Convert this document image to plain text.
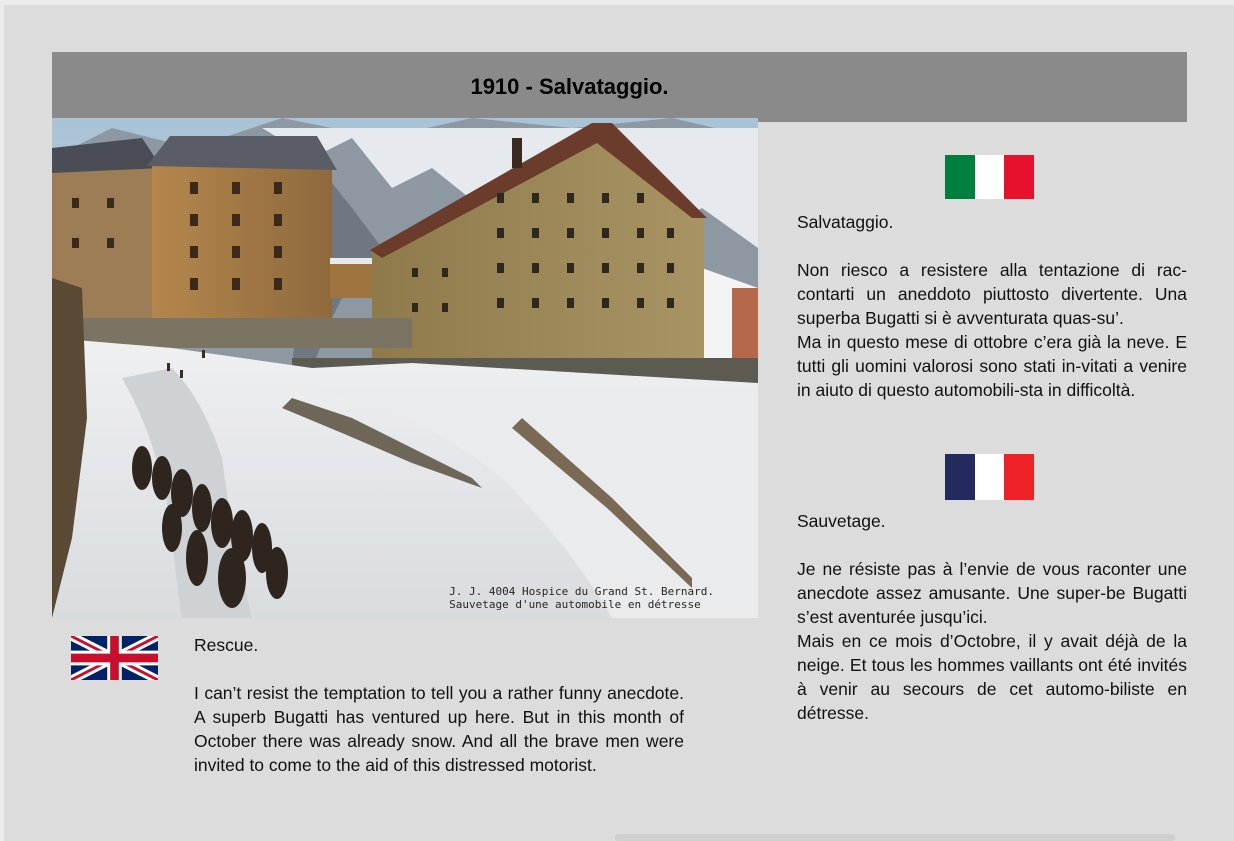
1910 - Salvataggio.
J. J. 4004 Hospice du Grand St. Bernard.
Sauvetage d'une automobile en détresse

Salvataggio.

Non riesco a resistere alla tentazione di rac-contarti un aneddoto piuttosto divertente. Una superba Bugatti si è avventurata quas-su’.

Ma in questo mese di ottobre c’era già la neve. E tutti gli uomini valorosi sono stati in-vitati a venire in aiuto di questo automobili-sta in difficoltà.

Sauvetage.

Je ne résiste pas à l’envie de vous raconter une anecdote assez amusante. Une super-be Bugatti s’est aventurée jusqu’ici.

Mais en ce mois d’Octobre, il y avait déjà de la neige. Et tous les hommes vaillants ont été invités à venir au secours de cet automo-biliste en détresse.

Rescue.

I can’t resist the temptation to tell you a rather funny anecdote. A superb Bugatti has ventured up here. But in this month of October there was already snow. And all the brave men were invited to come to the aid of this distressed motorist.
